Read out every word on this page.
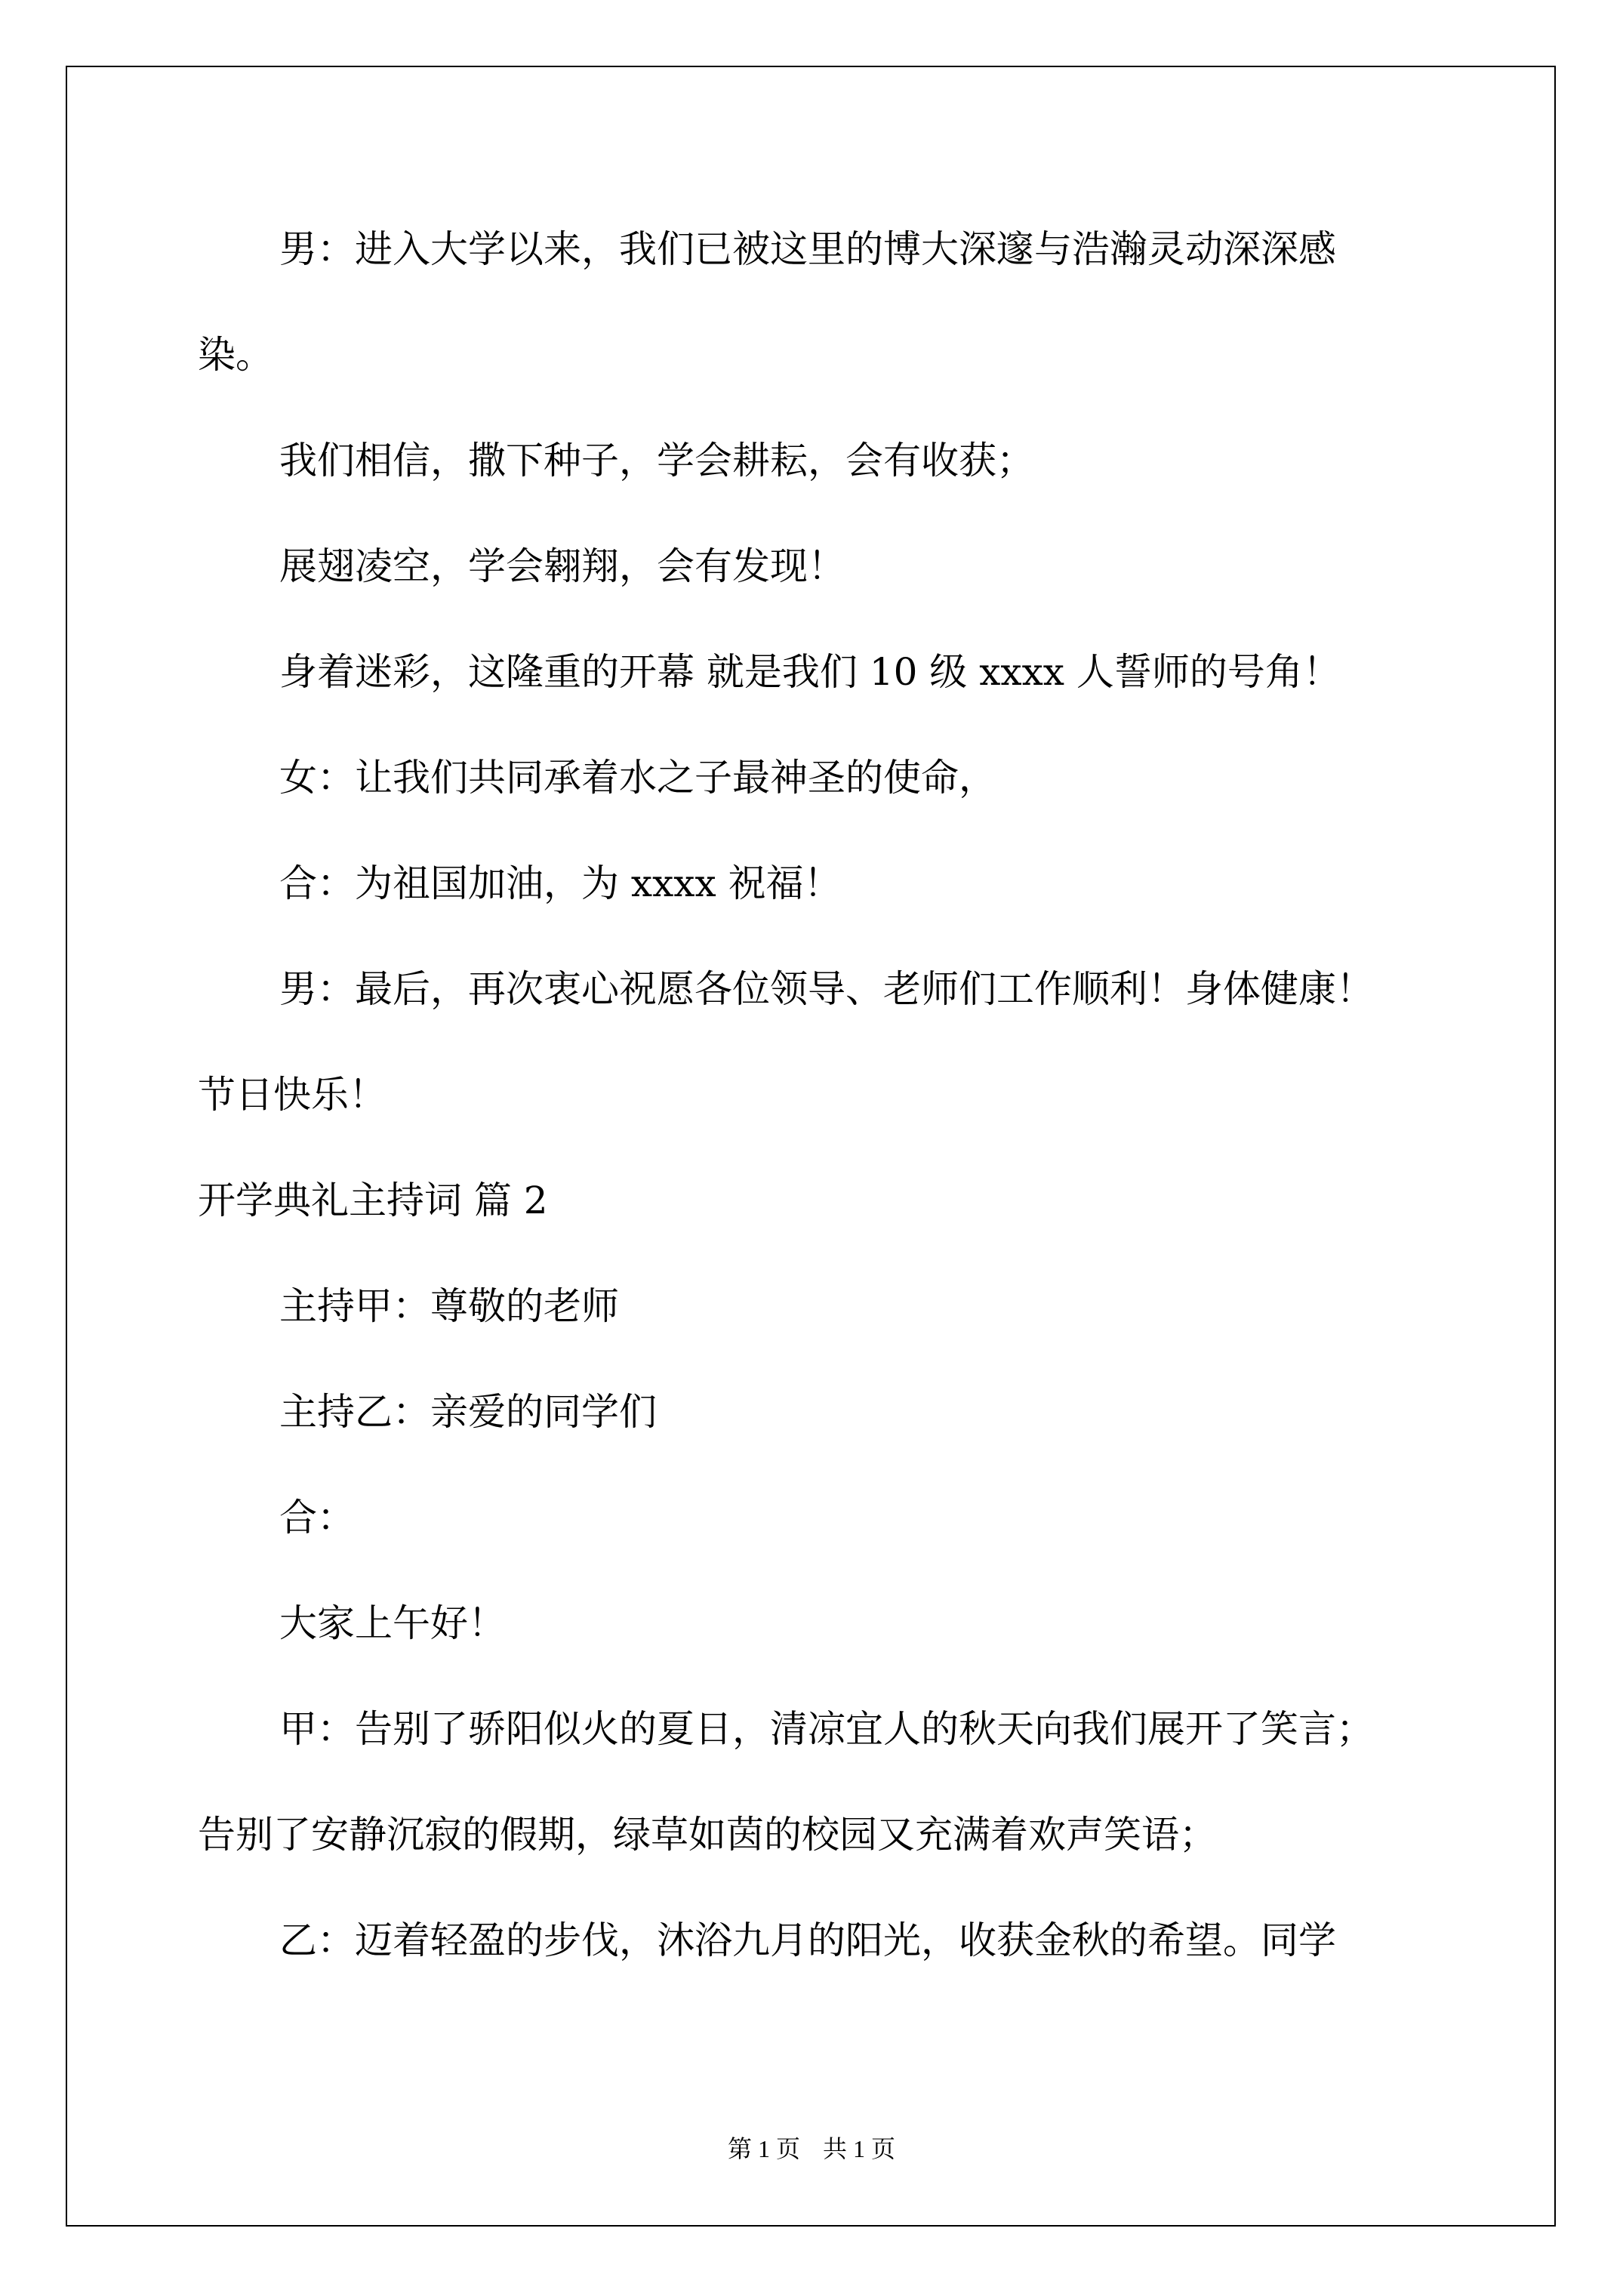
男：进入大学以来，我们已被这里的博大深邃与浩瀚灵动深深感

染。

我们相信，撒下种子，学会耕耘，会有收获；

展翅凌空，学会翱翔，会有发现！

身着迷彩，这隆重的开幕 就是我们 10 级 xxxx 人誓师的号角！

女：让我们共同承着水之子最神圣的使命，

合：为祖国加油，为 xxxx 祝福！

男：最后，再次衷心祝愿各位领导、老师们工作顺利！身体健康！

节日快乐！

开学典礼主持词 篇 2

主持甲：尊敬的老师

主持乙：亲爱的同学们

合：

大家上午好！

甲：告别了骄阳似火的夏日，清凉宜人的秋天向我们展开了笑言；

告别了安静沉寂的假期，绿草如茵的校园又充满着欢声笑语；

乙：迈着轻盈的步伐，沐浴九月的阳光，收获金秋的希望。同学

第 1 页 共 1 页
